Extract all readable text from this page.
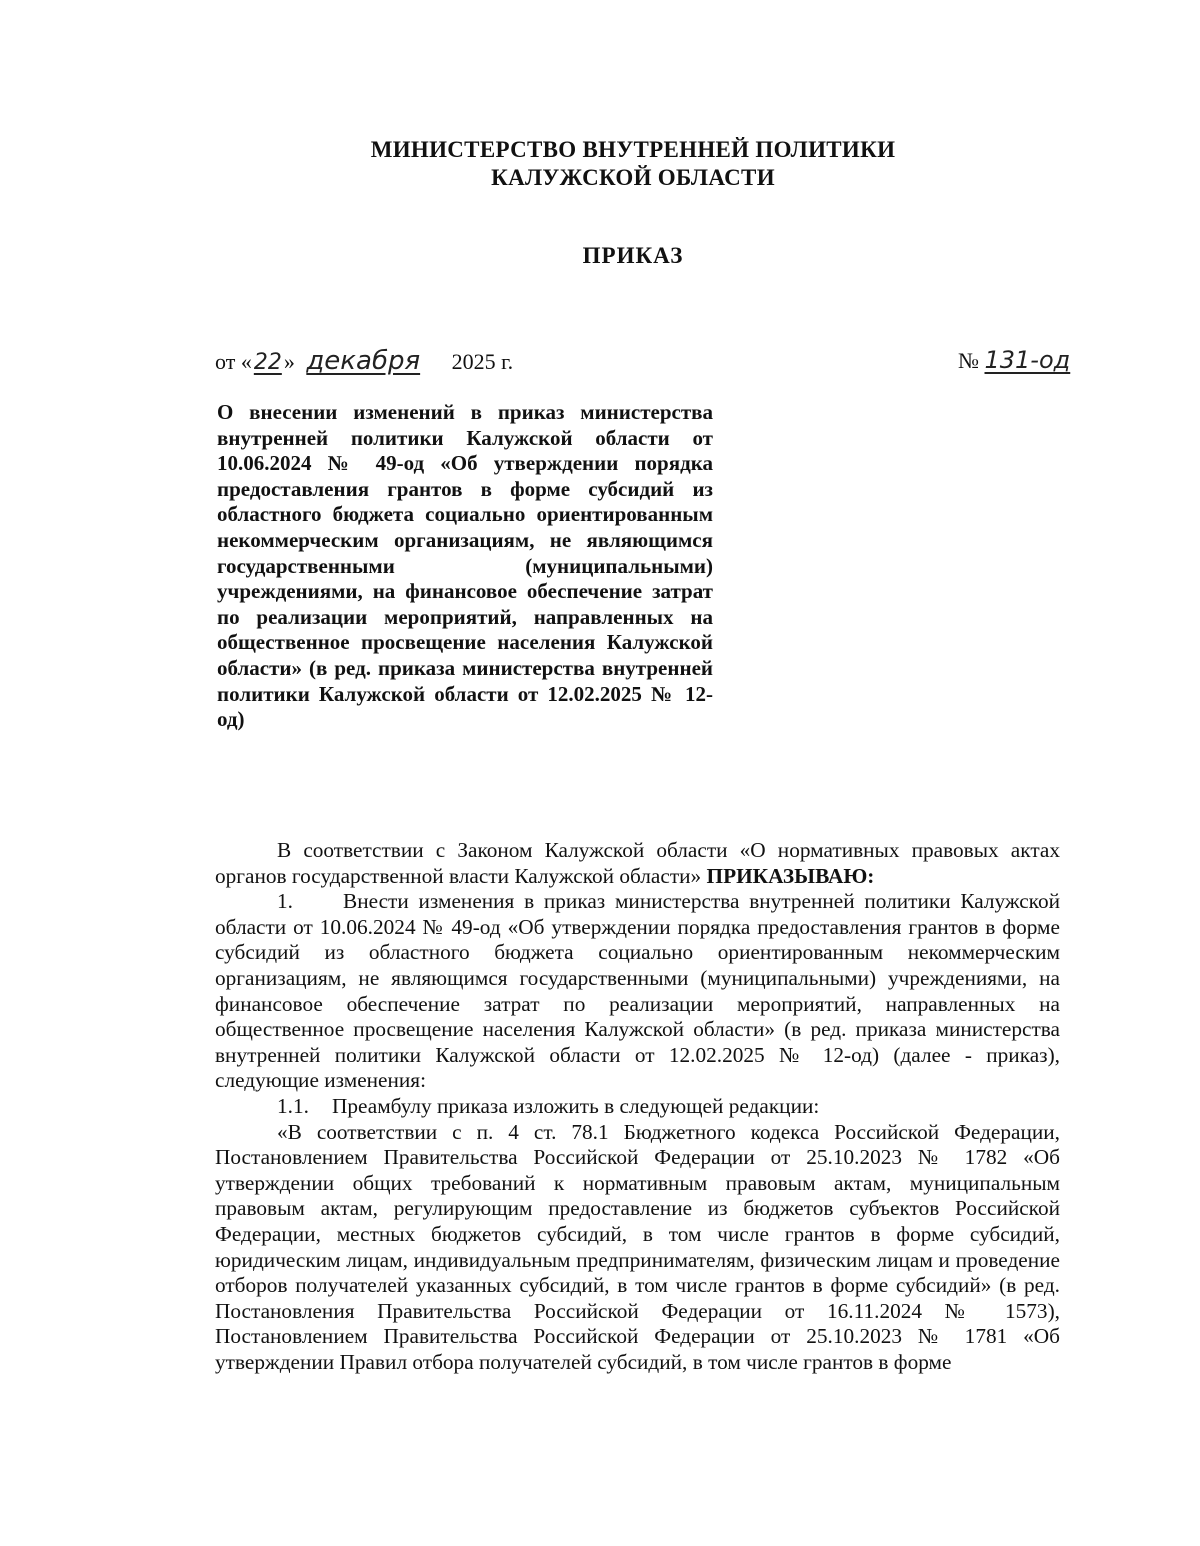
МИНИСТЕРСТВО ВНУТРЕННЕЙ ПОЛИТИКИ
КАЛУЖСКОЙ ОБЛАСТИ
ПРИКАЗ
от «22» декабря 2025 г.	№ 131-од
О внесении изменений в приказ министерства внутренней политики Калужской области от 10.06.2024 № 49-од «Об утверждении порядка предоставления грантов в форме субсидий из областного бюджета социально ориентированным некоммерческим организациям, не являющимся государственными (муниципальными) учреждениями, на финансовое обеспечение затрат по реализации мероприятий, направленных на общественное просвещение населения Калужской области» (в ред. приказа министерства внутренней политики Калужской области от 12.02.2025 № 12-од)

В соответствии с Законом Калужской области «О нормативных правовых актах органов государственной власти Калужской области» ПРИКАЗЫВАЮ:

1. Внести изменения в приказ министерства внутренней политики Калужской области от 10.06.2024 № 49-од «Об утверждении порядка предоставления грантов в форме субсидий из областного бюджета социально ориентированным некоммерческим организациям, не являющимся государственными (муниципальными) учреждениями, на финансовое обеспечение затрат по реализации мероприятий, направленных на общественное просвещение населения Калужской области» (в ред. приказа министерства внутренней политики Калужской области от 12.02.2025 № 12-од) (далее - приказ), следующие изменения:

1.1. Преамбулу приказа изложить в следующей редакции:

«В соответствии с п. 4 ст. 78.1 Бюджетного кодекса Российской Федерации, Постановлением Правительства Российской Федерации от 25.10.2023 № 1782 «Об утверждении общих требований к нормативным правовым актам, муниципальным правовым актам, регулирующим предоставление из бюджетов субъектов Российской Федерации, местных бюджетов субсидий, в том числе грантов в форме субсидий, юридическим лицам, индивидуальным предпринимателям, физическим лицам и проведение отборов получателей указанных субсидий, в том числе грантов в форме субсидий» (в ред. Постановления Правительства Российской Федерации от 16.11.2024 № 1573), Постановлением Правительства Российской Федерации от 25.10.2023 № 1781 «Об утверждении Правил отбора получателей субсидий, в том числе грантов в форме
